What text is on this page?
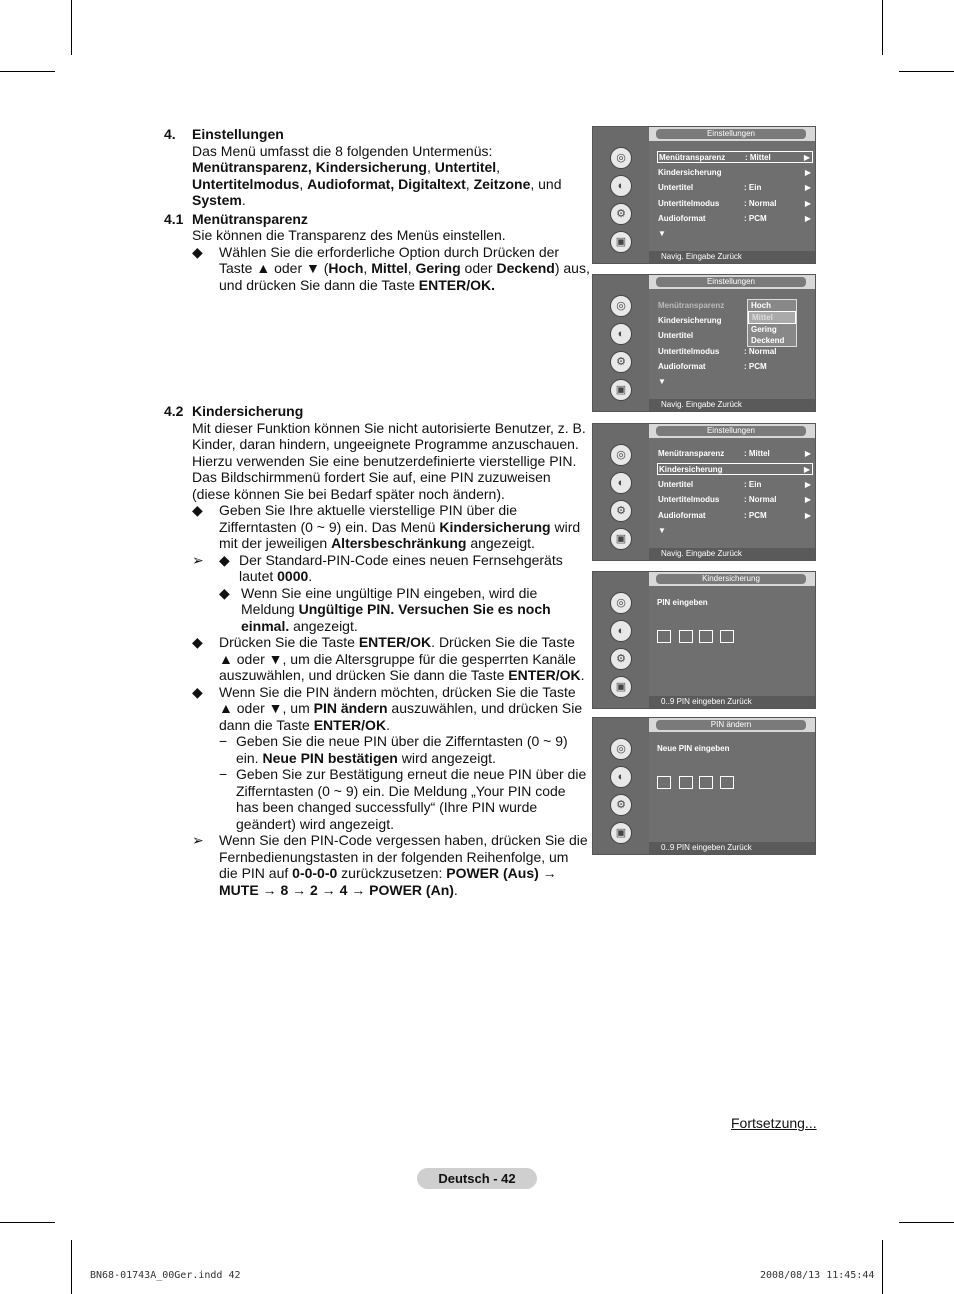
4.	Einstellungen

Das Menü umfasst die 8 folgenden Untermenüs:

Menütransparenz, Kindersicherung, Untertitel, Untertitelmodus, Audioformat, Digitaltext, Zeitzone, und System.

4.1 Menütransparenz

Sie können die Transparenz des Menüs einstellen.

◆	Wählen Sie die erforderliche Option durch Drücken der Taste ▲ oder ▼ (Hoch, Mittel, Gering oder Deckend) aus, und drücken Sie dann die Taste ENTER/OK.

4.2 Kindersicherung

Mit dieser Funktion können Sie nicht autorisierte Benutzer, z. B. Kinder, daran hindern, ungeeignete Programme anzuschauen. Hierzu verwenden Sie eine benutzerdefinierte vierstellige PIN. Das Bildschirmmenü fordert Sie auf, eine PIN zuzuweisen (diese können Sie bei Bedarf später noch ändern).

◆	Geben Sie Ihre aktuelle vierstellige PIN über die Zifferntasten (0 ~ 9) ein. Das Menü Kindersicherung wird mit der jeweiligen Altersbeschränkung angezeigt.

➢	◆ Der Standard-PIN-Code eines neuen Fernsehgeräts lautet 0000.

◆ Wenn Sie eine ungültige PIN eingeben, wird die Meldung Ungültige PIN. Versuchen Sie es noch einmal. angezeigt.

◆	Drücken Sie die Taste ENTER/OK. Drücken Sie die Taste ▲ oder ▼, um die Altersgruppe für die gesperrten Kanäle auszuwählen, und drücken Sie dann die Taste ENTER/OK.

◆	Wenn Sie die PIN ändern möchten, drücken Sie die Taste ▲ oder ▼, um PIN ändern auszuwählen, und drücken Sie dann die Taste ENTER/OK.

− Geben Sie die neue PIN über die Zifferntasten (0 ~ 9) ein. Neue PIN bestätigen wird angezeigt.

− Geben Sie zur Bestätigung erneut die neue PIN über die Zifferntasten (0 ~ 9) ein. Die Meldung „Your PIN code has been changed successfully“ (Ihre PIN wurde geändert) wird angezeigt.

➢	Wenn Sie den PIN-Code vergessen haben, drücken Sie die Fernbedienungstasten in der folgenden Reihenfolge, um die PIN auf 0-0-0-0 zurückzusetzen: POWER (Aus) → MUTE → 8 → 2 → 4 → POWER (An).

◎
◐
⚙
▣
Einstellungen
Menütransparenz : Mittel	▶
Kindersicherung	▶
Untertitel	: Ein	▶
Untertitelmodus	: Normal	▶
Audioformat	: PCM	▶
▼
Navig. Eingabe Zurück
◎
◐
⚙
▣
Einstellungen
Menütransparenz
Kindersicherung
Untertitel
Untertitelmodus	: Normal
Audioformat	: PCM
▼
Hoch
Mittel
Gering
Deckend
Navig. Eingabe Zurück
◎
◐
⚙
▣
Einstellungen
Menütransparenz : Mittel	▶
Kindersicherung	▶
Untertitel	: Ein	▶
Untertitelmodus	: Normal	▶
Audioformat	: PCM	▶
▼
Navig. Eingabe Zurück
◎
◐
⚙
▣
Kindersicherung
PIN eingeben
0..9 PIN eingeben Zurück
◎
◐
⚙
▣
PIN ändern
Neue PIN eingeben
0..9 PIN eingeben Zurück
Fortsetzung...
Deutsch - 42
BN68-01743A_00Ger.indd 42	2008/08/13 11:45:44
